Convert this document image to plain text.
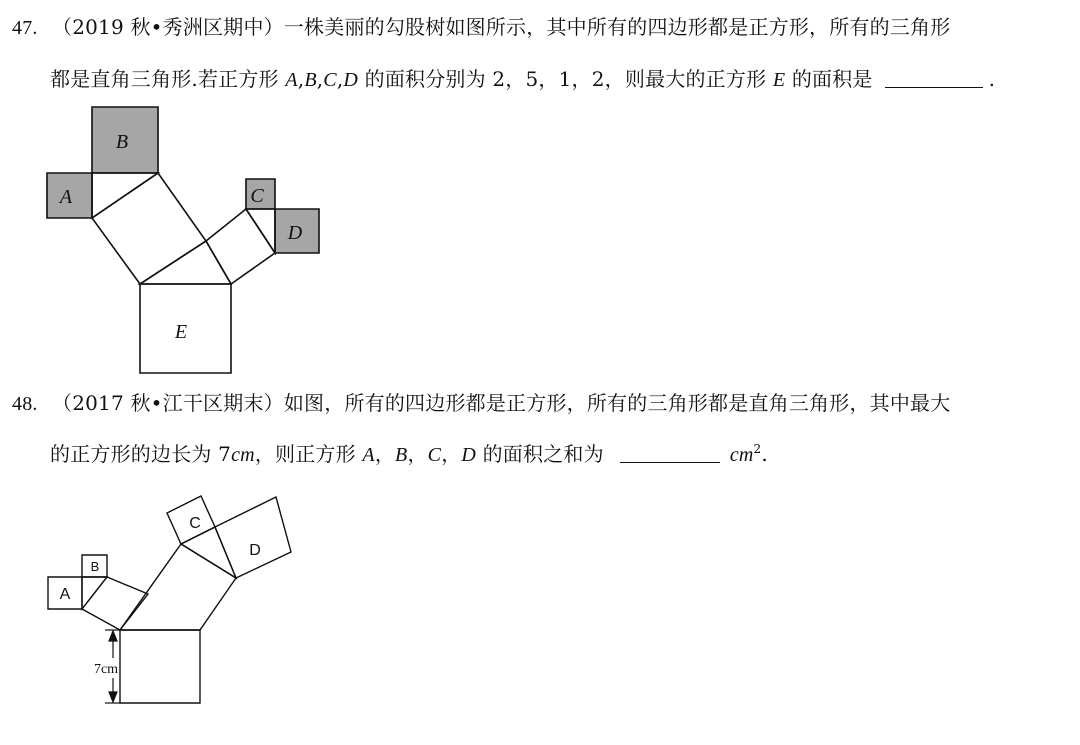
47. （2019 秋•秀洲区期中）一株美丽的勾股树如图所示，其中所有的四边形都是正方形，所有的三角形
都是直角三角形.若正方形 A,B,C,D 的面积分别为 2，5，1，2，则最大的正方形 E 的面积是	.
48. （2017 秋•江干区期末）如图，所有的四边形都是正方形，所有的三角形都是直角三角形，其中最大
的正方形的边长为 7cm，则正方形 A，B，C，D 的面积之和为	$cm^2$.
A
B
C
D
E
A
B
C
D
7cm
